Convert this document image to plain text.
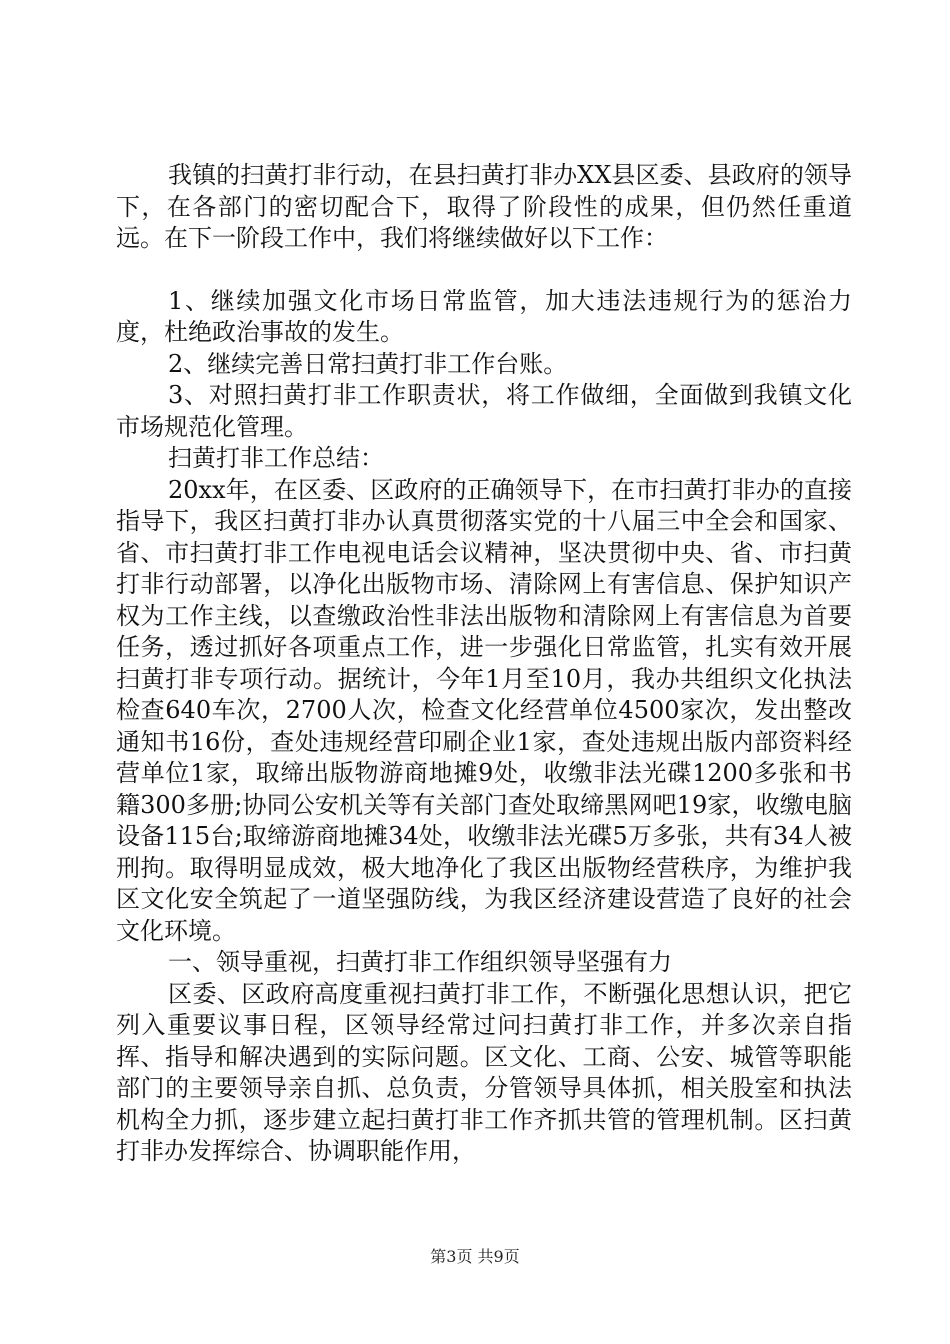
我镇的扫黄打非行动，在县扫黄打非办XX县区委、县政府的领导下，在各部门的密切配合下，取得了阶段性的成果，但仍然任重道远。在下一阶段工作中，我们将继续做好以下工作：

1、继续加强文化市场日常监管，加大违法违规行为的惩治力度，杜绝政治事故的发生。

2、继续完善日常扫黄打非工作台账。

3、对照扫黄打非工作职责状，将工作做细，全面做到我镇文化市场规范化管理。

扫黄打非工作总结：

20xx年，在区委、区政府的正确领导下，在市扫黄打非办的直接指导下，我区扫黄打非办认真贯彻落实党的十八届三中全会和国家、省、市扫黄打非工作电视电话会议精神，坚决贯彻中央、省、市扫黄打非行动部署，以净化出版物市场、清除网上有害信息、保护知识产权为工作主线，以查缴政治性非法出版物和清除网上有害信息为首要任务，透过抓好各项重点工作，进一步强化日常监管，扎实有效开展扫黄打非专项行动。据统计，今年1月至10月，我办共组织文化执法检查640车次，2700人次，检查文化经营单位4500家次，发出整改通知书16份，查处违规经营印刷企业1家，查处违规出版内部资料经营单位1家，取缔出版物游商地摊9处，收缴非法光碟1200多张和书籍300多册;协同公安机关等有关部门查处取缔黑网吧19家，收缴电脑设备115台;取缔游商地摊34处，收缴非法光碟5万多张，共有34人被刑拘。取得明显成效，极大地净化了我区出版物经营秩序，为维护我区文化安全筑起了一道坚强防线，为我区经济建设营造了良好的社会文化环境。

一、领导重视，扫黄打非工作组织领导坚强有力

区委、区政府高度重视扫黄打非工作，不断强化思想认识，把它列入重要议事日程，区领导经常过问扫黄打非工作，并多次亲自指挥、指导和解决遇到的实际问题。区文化、工商、公安、城管等职能部门的主要领导亲自抓、总负责，分管领导具体抓，相关股室和执法机构全力抓，逐步建立起扫黄打非工作齐抓共管的管理机制。区扫黄打非办发挥综合、协调职能作用，

第3页 共9页
